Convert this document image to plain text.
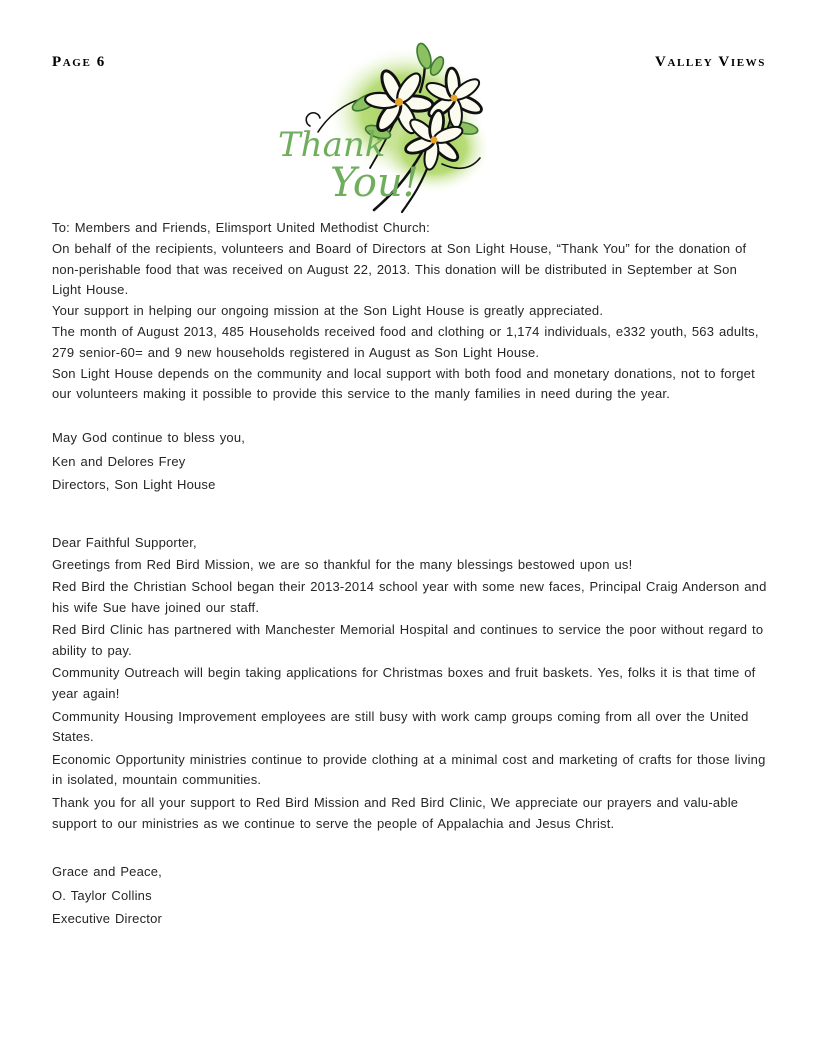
Page 6	Valley Views
Thank
You!

To: Members and Friends, Elimsport United Methodist Church:

On behalf of the recipients, volunteers and Board of Directors at Son Light House, “Thank You” for the donation of non-perishable food that was received on August 22, 2013. This donation will be distributed in September at Son Light House.

Your support in helping our ongoing mission at the Son Light House is greatly appreciated.

The month of August 2013, 485 Households received food and clothing or 1,174 individuals, e332 youth, 563 adults, 279 senior-60= and 9 new households registered in August as Son Light House.

Son Light House depends on the community and local support with both food and monetary donations, not to forget our volunteers making it possible to provide this service to the manly families in need during the year.

May God continue to bless you,

Ken and Delores Frey

Directors, Son Light House

Dear Faithful Supporter,

Greetings from Red Bird Mission, we are so thankful for the many blessings bestowed upon us!

Red Bird the Christian School began their 2013-2014 school year with some new faces, Principal Craig Anderson and his wife Sue have joined our staff.

Red Bird Clinic has partnered with Manchester Memorial Hospital and continues to service the poor without regard to ability to pay.

Community Outreach will begin taking applications for Christmas boxes and fruit baskets. Yes, folks it is that time of year again!

Community Housing Improvement employees are still busy with work camp groups coming from all over the United States.

Economic Opportunity ministries continue to provide clothing at a minimal cost and marketing of crafts for those living in isolated, mountain communities.

Thank you for all your support to Red Bird Mission and Red Bird Clinic, We appreciate our prayers and valu-able support to our ministries as we continue to serve the people of Appalachia and Jesus Christ.

Grace and Peace,

O. Taylor Collins

Executive Director
